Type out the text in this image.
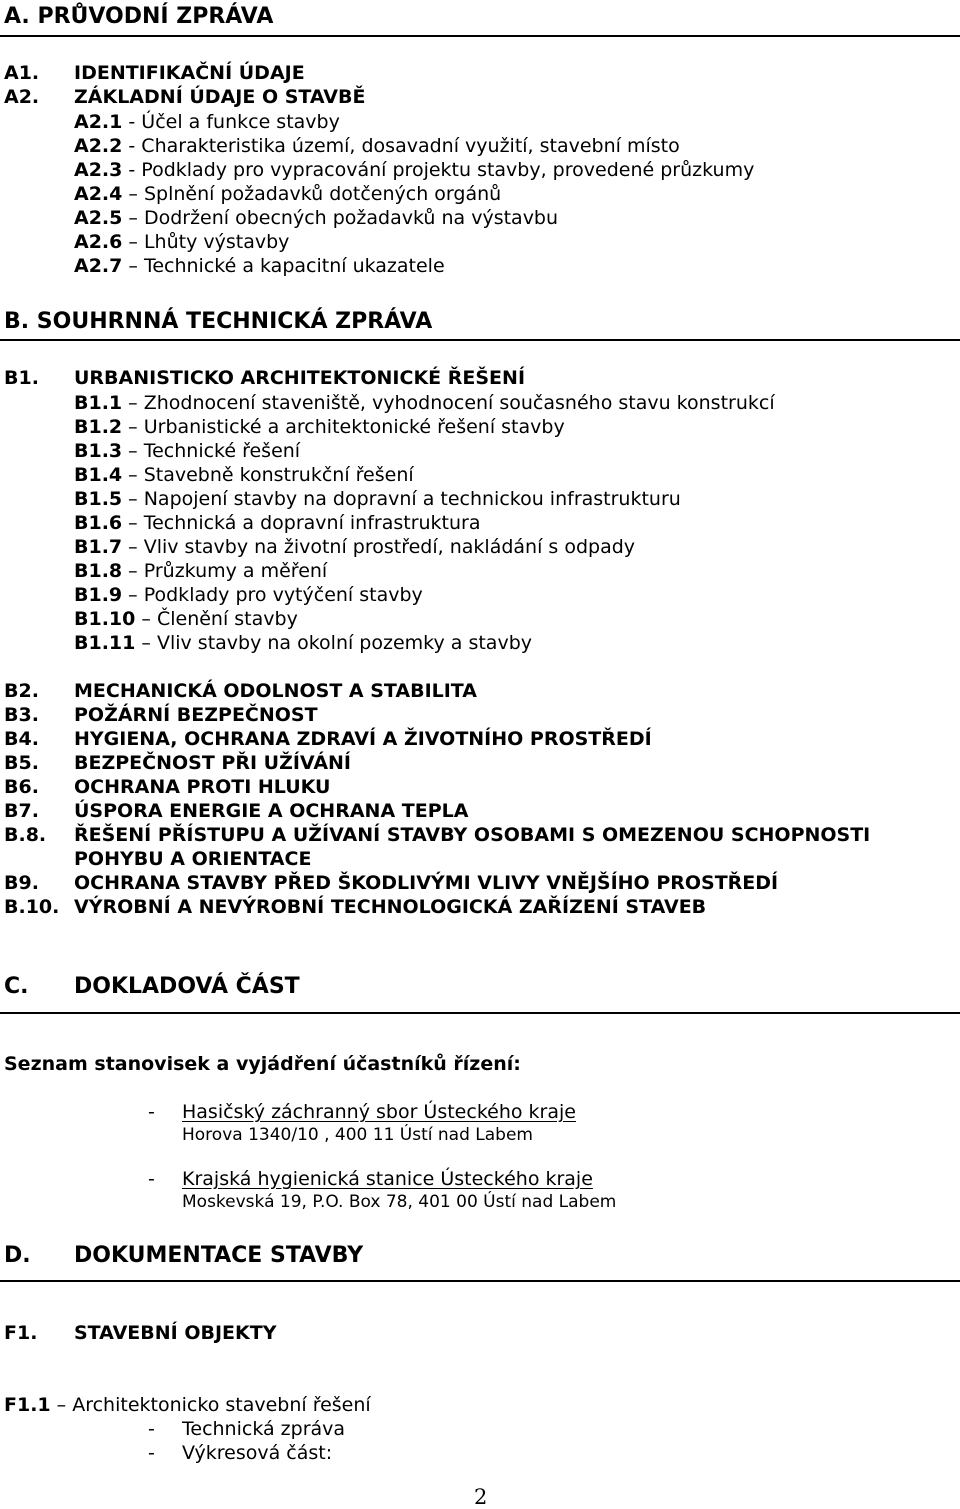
A. PRŮVODNÍ ZPRÁVA
A1. IDENTIFIKAČNÍ ÚDAJE
A2. ZÁKLADNÍ ÚDAJE O STAVBĚ
A2.1 - Účel a funkce stavby
A2.2 - Charakteristika území, dosavadní využití, stavební místo
A2.3 - Podklady pro vypracování projektu stavby, provedené průzkumy
A2.4 – Splnění požadavků dotčených orgánů
A2.5 – Dodržení obecných požadavků na výstavbu
A2.6 – Lhůty výstavby
A2.7 – Technické a kapacitní ukazatele
B. SOUHRNNÁ TECHNICKÁ ZPRÁVA
B1. URBANISTICKO ARCHITEKTONICKÉ ŘEŠENÍ
B1.1 – Zhodnocení staveniště, vyhodnocení současného stavu konstrukcí
B1.2 – Urbanistické a architektonické řešení stavby
B1.3 – Technické řešení
B1.4 – Stavebně konstrukční řešení
B1.5 – Napojení stavby na dopravní a technickou infrastrukturu
B1.6 – Technická a dopravní infrastruktura
B1.7 – Vliv stavby na životní prostředí, nakládání s odpady
B1.8 – Průzkumy a měření
B1.9 – Podklady pro vytýčení stavby
B1.10 – Členění stavby
B1.11 – Vliv stavby na okolní pozemky a stavby
B2. MECHANICKÁ ODOLNOST A STABILITA
B3. POŽÁRNÍ BEZPEČNOST
B4. HYGIENA, OCHRANA ZDRAVÍ A ŽIVOTNÍHO PROSTŘEDÍ
B5. BEZPEČNOST PŘI UŽÍVÁNÍ
B6. OCHRANA PROTI HLUKU
B7. ÚSPORA ENERGIE A OCHRANA TEPLA
B.8. ŘEŠENÍ PŘÍSTUPU A UŽÍVANÍ STAVBY OSOBAMI S OMEZENOU SCHOPNOSTI
POHYBU A ORIENTACE
B9. OCHRANA STAVBY PŘED ŠKODLIVÝMI VLIVY VNĚJŠÍHO PROSTŘEDÍ
B.10. VÝROBNÍ A NEVÝROBNÍ TECHNOLOGICKÁ ZAŘÍZENÍ STAVEB
C. DOKLADOVÁ ČÁST
Seznam stanovisek a vyjádření účastníků řízení:
- Hasičský záchranný sbor Ústeckého kraje
Horova 1340/10 , 400 11 Ústí nad Labem
- Krajská hygienická stanice Ústeckého kraje
Moskevská 19, P.O. Box 78, 401 00 Ústí nad Labem
D. DOKUMENTACE STAVBY
F1. STAVEBNÍ OBJEKTY
F1.1 – Architektonicko stavební řešení
- Technická zpráva
- Výkresová část:
2
